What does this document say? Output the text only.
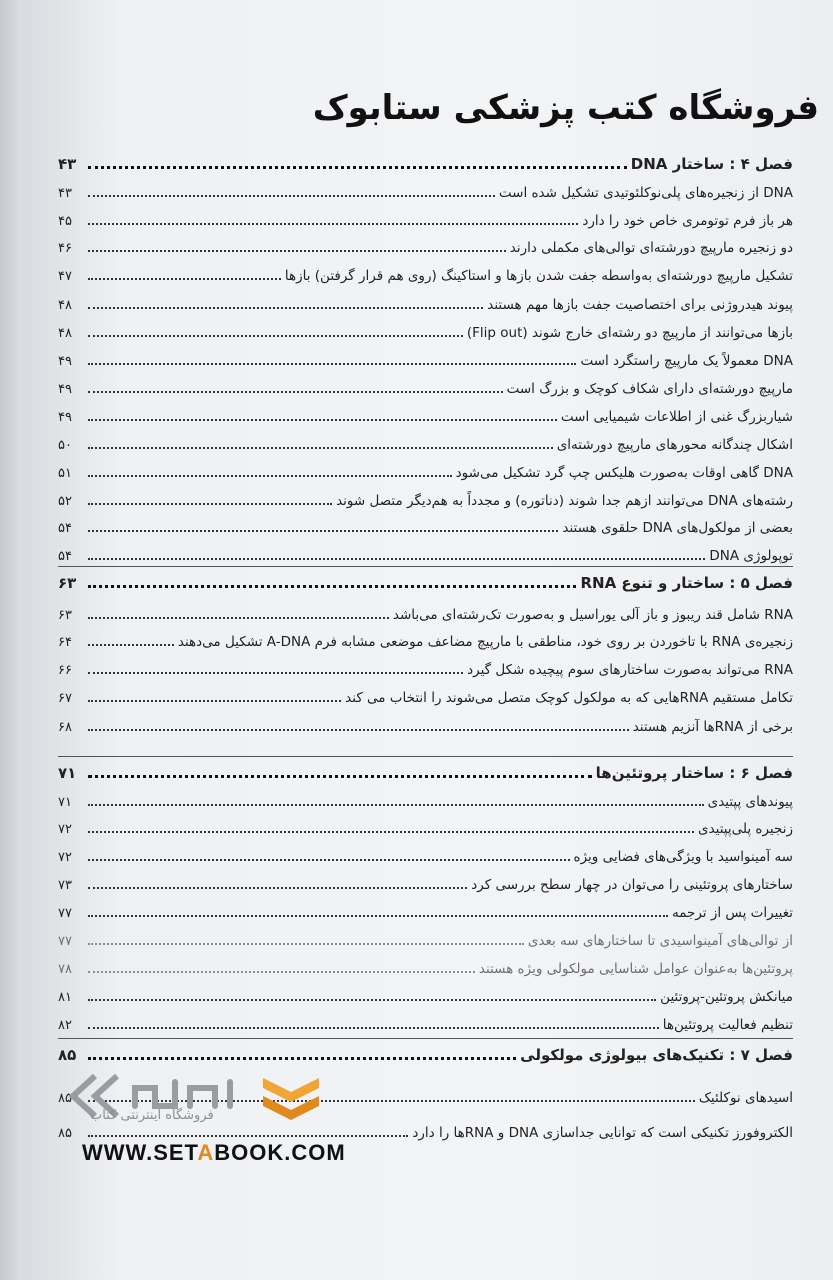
فروشگاه کتب پزشکی ستابوک
فصل ۴ : ساختار DNA
۴۳
DNA از زنجیره‌های پلی‌نوکلئوتیدی تشکیل شده است
۴۳
هر باز فرم توتومری خاص خود را دارد
۴۵
دو زنجیره مارپیچ دورشته‌ای توالی‌های مکملی دارند
۴۶
تشکیل مارپیچ دورشته‌ای به‌واسطه جفت شدن بازها و استاکینگ (روی هم قرار گرفتن) بازها
۴۷
پیوند هیدروژنی برای اختصاصیت جفت بازها مهم هستند
۴۸
بازها می‌توانند از مارپیچ دو رشته‌ای خارج شوند (Flip out)
۴۸
DNA معمولاً یک مارپیچ راستگرد است
۴۹
مارپیچ دورشته‌ای دارای شکاف کوچک و بزرگ است
۴۹
شیاربزرگ غنی از اطلاعات شیمیایی است
۴۹
اشکال چندگانه محورهای مارپیچ دورشته‌ای
۵۰
DNA گاهی اوقات به‌صورت هلیکس چپ گرد تشکیل می‌شود
۵۱
رشته‌های DNA می‌توانند ازهم جدا شوند (دناتوره) و مجدداً به هم‌دیگر متصل شوند
۵۲
بعضی از مولکول‌های DNA حلقوی هستند
۵۴
توپولوژی DNA
۵۴
فصل ۵ : ساختار و تنوع RNA
۶۳
RNA شامل قند ریبوز و باز آلی یوراسیل و به‌صورت تک‌رشته‌ای می‌باشد
۶۳
زنجیره‌ی RNA با تاخوردن بر روی خود، مناطقی با مارپیچ مضاعف موضعی مشابه فرم A-DNA تشکیل می‌دهند
۶۴
RNA می‌تواند به‌صورت ساختارهای سوم پیچیده شکل گیرد
۶۶
تکامل مستقیم RNAهایی که به مولکول کوچک متصل می‌شوند را انتخاب می کند
۶۷
برخی از RNAها آنزیم هستند
۶۸
فصل ۶ : ساختار پروتئین‌ها
۷۱
پیوندهای پپتیدی
۷۱
زنجیره پلی‌پپتیدی
۷۲
سه آمینواسید با ویژگی‌های فضایی ویژه
۷۲
ساختارهای پروتئینی را می‌توان در چهار سطح بررسی کرد
۷۳
تغییرات پس از ترجمه
۷۷
از توالی‌های آمینواسیدی تا ساختارهای سه بعدی
۷۷
پروتئین‌ها به‌عنوان عوامل شناسایی مولکولی ویژه هستند
۷۸
میانکش پروتئین-پروتئین
۸۱
تنظیم فعالیت پروتئین‌ها
۸۲
فصل ۷ : تکنیک‌های بیولوژی مولکولی
۸۵
اسیدهای نوکلئیک
۸۵
الکتروفورز تکنیکی است که توانایی جداسازی DNA و RNAها را دارد
۸۵
فروشگاه اینترنتی کتاب
WWW.SETABOOK.COM
